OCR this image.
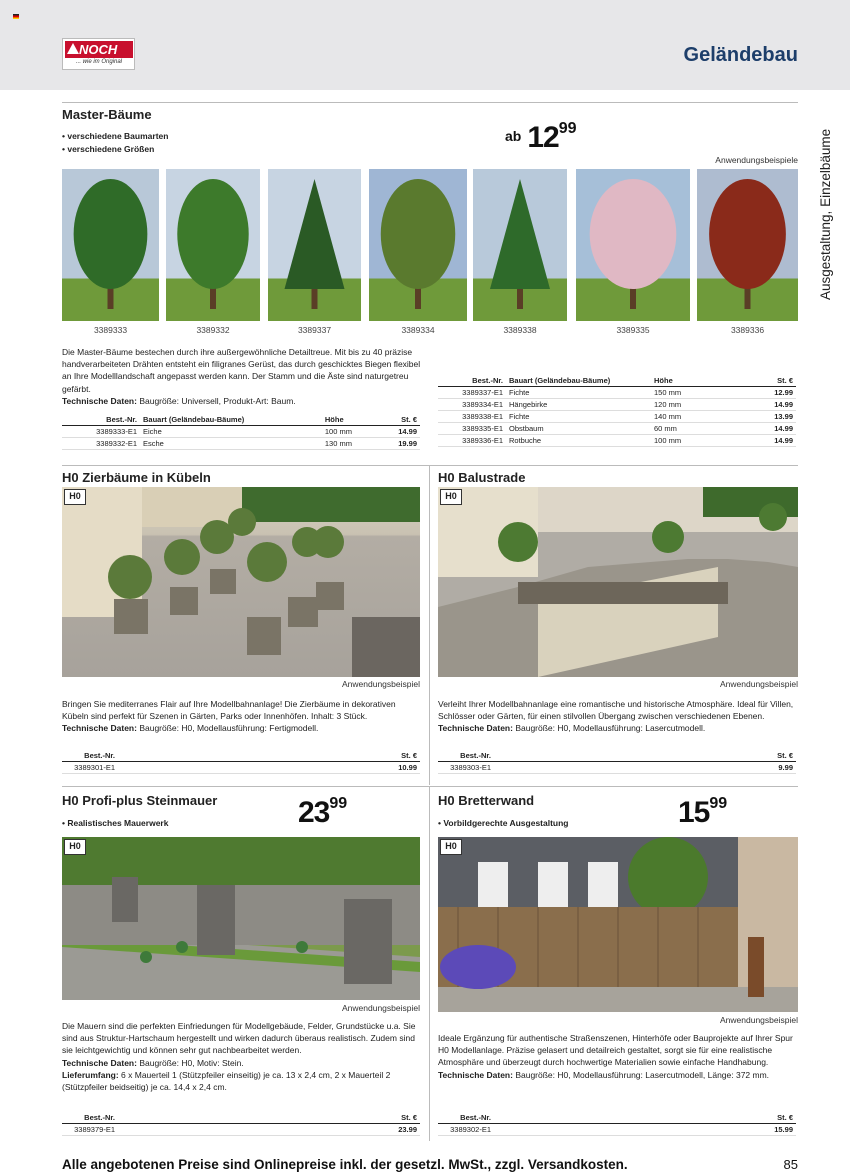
NOCH
... wie im Original	Geländebau
Ausgestaltung, Einzelbäume
Master-Bäume
• verschiedene Baumarten
• verschiedene Größen
ab 1299
Anwendungsbeispiele
3389333	3389332	3389337	3389334	3389338	3389335	3389336
Die Master-Bäume bestechen durch ihre außergewöhnliche Detailtreue. Mit bis zu 40 präzise handverarbeiteten Drähten entsteht ein filigranes Gerüst, das durch geschicktes Biegen flexibel an Ihre Modelllandschaft angepasst werden kann. Der Stamm und die Äste sind naturgetreu gefärbt.
Technische Daten: Baugröße: Universell, Produkt-Art: Baum.
Best.-Nr.	Bauart (Geländebau-Bäume)	Höhe	St. €
3389333-E1	Eiche	100 mm	14.99
3389332-E1	Esche	130 mm	19.99
Best.-Nr.	Bauart (Geländebau-Bäume)	Höhe	St. €
3389337-E1	Fichte	150 mm	12.99
3389334-E1	Hängebirke	120 mm	14.99
3389338-E1	Fichte	140 mm	13.99
3389335-E1	Obstbaum	60 mm	14.99
3389336-E1	Rotbuche	100 mm	14.99
H0 Zierbäume in Kübeln
H0
Anwendungsbeispiel
Bringen Sie mediterranes Flair auf Ihre Modellbahnanlage! Die Zierbäume in dekorativen Kübeln sind perfekt für Szenen in Gärten, Parks oder Innenhöfen. Inhalt: 3 Stück.
Technische Daten: Baugröße: H0, Modellausführung: Fertigmodell.
Best.-Nr.		St. €
3389301-E1		10.99
H0 Balustrade
H0
Anwendungsbeispiel
Verleiht Ihrer Modellbahnanlage eine romantische und historische Atmosphäre. Ideal für Villen, Schlösser oder Gärten, für einen stilvollen Übergang zwischen verschiedenen Ebenen.
Technische Daten: Baugröße: H0, Modellausführung: Lasercutmodell.
Best.-Nr.		St. €
3389303-E1		9.99
H0 Profi-plus Steinmauer
• Realistisches Mauerwerk	2399
H0
Anwendungsbeispiel
Die Mauern sind die perfekten Einfriedungen für Modellgebäude, Felder, Grundstücke u.a. Sie sind aus Struktur-Hartschaum hergestellt und wirken dadurch überaus realistisch. Zudem sind sie leichtgewichtig und können sehr gut nachbearbeitet werden.
Technische Daten: Baugröße: H0, Motiv: Stein.
Lieferumfang: 6 x Mauerteil 1 (Stützpfeiler einseitig) je ca. 13 x 2,4 cm, 2 x Mauerteil 2 (Stützpfeiler beidseitig) je ca. 14,4 x 2,4 cm.
Best.-Nr.		St. €
3389379-E1		23.99
H0 Bretterwand
• Vorbildgerechte Ausgestaltung	1599
H0
Anwendungsbeispiel
Ideale Ergänzung für authentische Straßenszenen, Hinterhöfe oder Bauprojekte auf Ihrer Spur H0 Modellanlage. Präzise gelasert und detailreich gestaltet, sorgt sie für eine realistische Atmosphäre und überzeugt durch hochwertige Materialien sowie einfache Handhabung.
Technische Daten: Baugröße: H0, Modellausführung: Lasercutmodell, Länge: 372 mm.
Best.-Nr.		St. €
3389302-E1		15.99
Alle angebotenen Preise sind Onlinepreise inkl. der gesetzl. MwSt., zzgl. Versandkosten.	85
